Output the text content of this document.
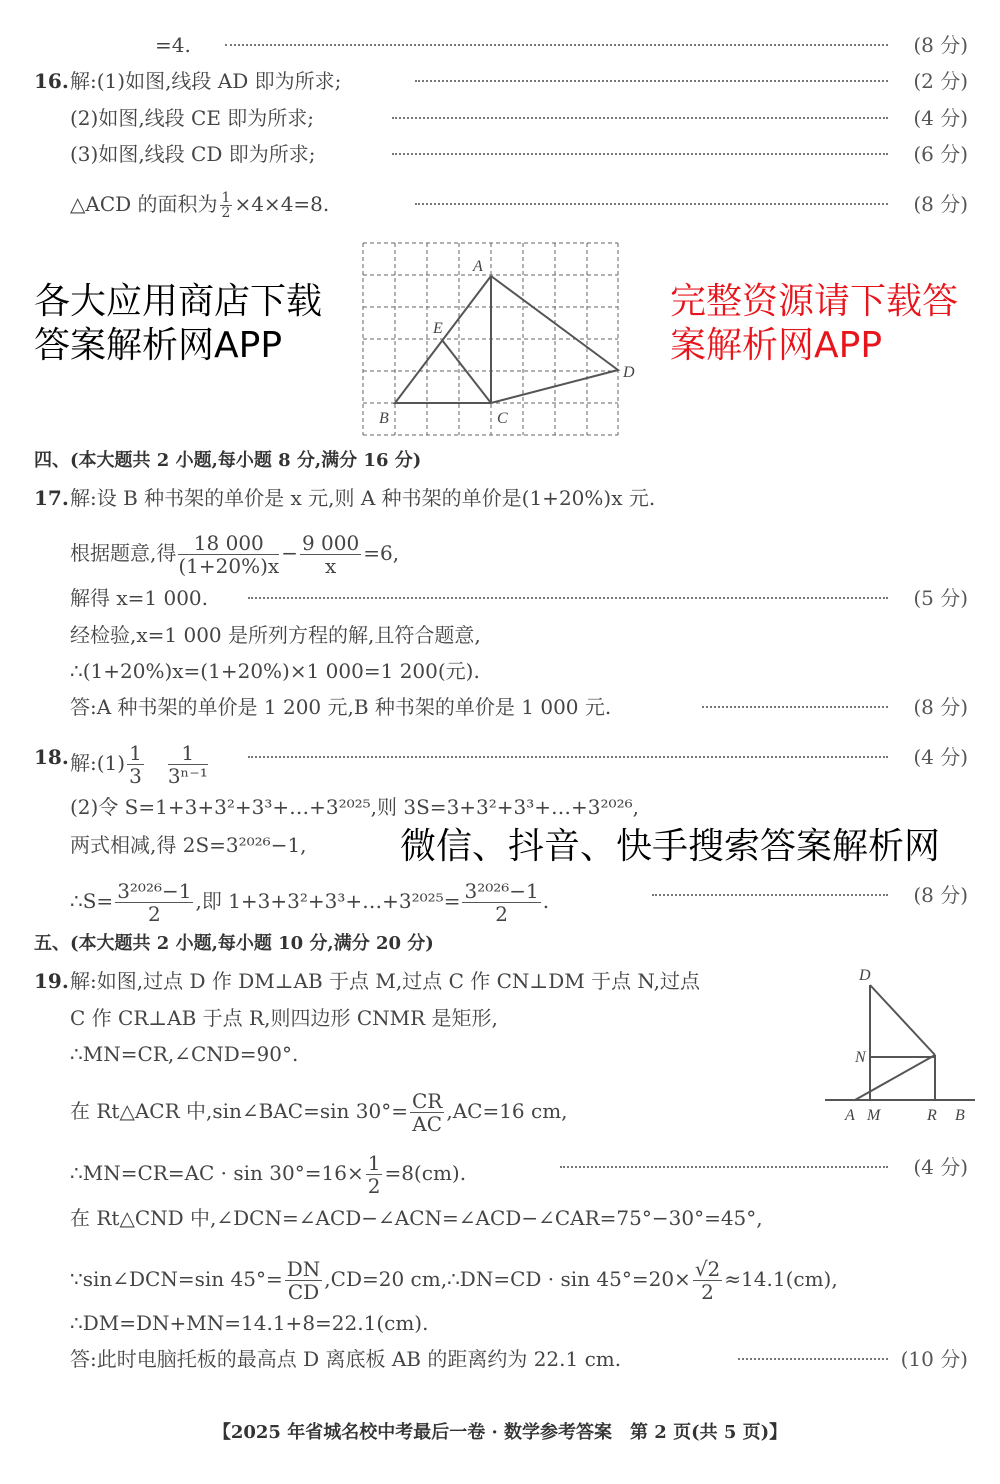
=4.	(8 分)
16. 解:(1)如图,线段 AD 即为所求;	(2 分)
(2)如图,线段 CE 即为所求;	(4 分)
(3)如图,线段 CD 即为所求;	(6 分)
△ACD 的面积为 $\frac{1}{2} \times 4\times 4=8$.	(8 分)
A
E
B	C
D
四、(本大题共 2 小题,每小题 8 分,满分 16 分)
17. 解:设 B 种书架的单价是 x 元,则 A 种书架的单价是(1+20%)x 元.
根据题意,得 $\frac{18 000}{(1+20\%)x} - \frac{9 000}{x} =6$,
解得 x=1 000.	(5 分)
经检验,x=1 000 是所列方程的解,且符合题意,
∴(1+20%)x=(1+20%)×1 000=1 200(元).
答:A 种书架的单价是 1 200 元,B 种书架的单价是 1 000 元.	(8 分)
18. 解:(1) $\frac{1}{3}$
　 $\frac{1}{\text{3ⁿ⁻¹}}$	(4 分)
(2)令 S=1+3+3²+3³+…+3²⁰²⁵,则 3S=3+3²+3³+…+3²⁰²⁶,
两式相减,得 2S=3²⁰²⁶−1,
∴S= $\frac{\text{3²⁰²⁶−1}}{2}$ ,即 1+3+3²+3³+…+3²⁰²⁵= $\frac{\text{3²⁰²⁶−1}}{2}$ .	(8 分)
五、(本大题共 2 小题,每小题 10 分,满分 20 分)
19. 解:如图,过点 D 作 DM⊥AB 于点 M,过点 C 作 CN⊥DM 于点 N,过点
C 作 CR⊥AB 于点 R,则四边形 CNMR 是矩形,
∴MN=CR,∠CND=90°.
在 Rt△ACR 中,sin∠BAC=sin $30^\circ= \frac{CR}{AC} ,AC=16$ cm,
∴MN=CR=AC · $\sin 30^\circ=16\times \frac{1}{2} =8(cm)$.	(4 分)
在 Rt△CND 中,∠DCN=∠ACD−∠ACN=∠ACD−∠CAR=75°−30°=45°,
∵sin∠DCN=sin $45^\circ= \frac{DN}{CD} ,CD=20$ cm,∴DN=CD · $\sin 45^\circ=20\times \frac{√2}{2} \approx 14.1(cm)$,
∴DM=DN+MN=14.1+8=22.1(cm).
答:此时电脑托板的最高点 D 离底板 AB 的距离约为 22.1 cm.	(10 分)
D
N
A M	R B
【2025 年省城名校中考最后一卷 · 数学参考答案　第 2 页(共 5 页)】
各大应用商店下载答案解析网APP
完整资源请下载答案解析网APP
微信、抖音、快手搜索答案解析网
